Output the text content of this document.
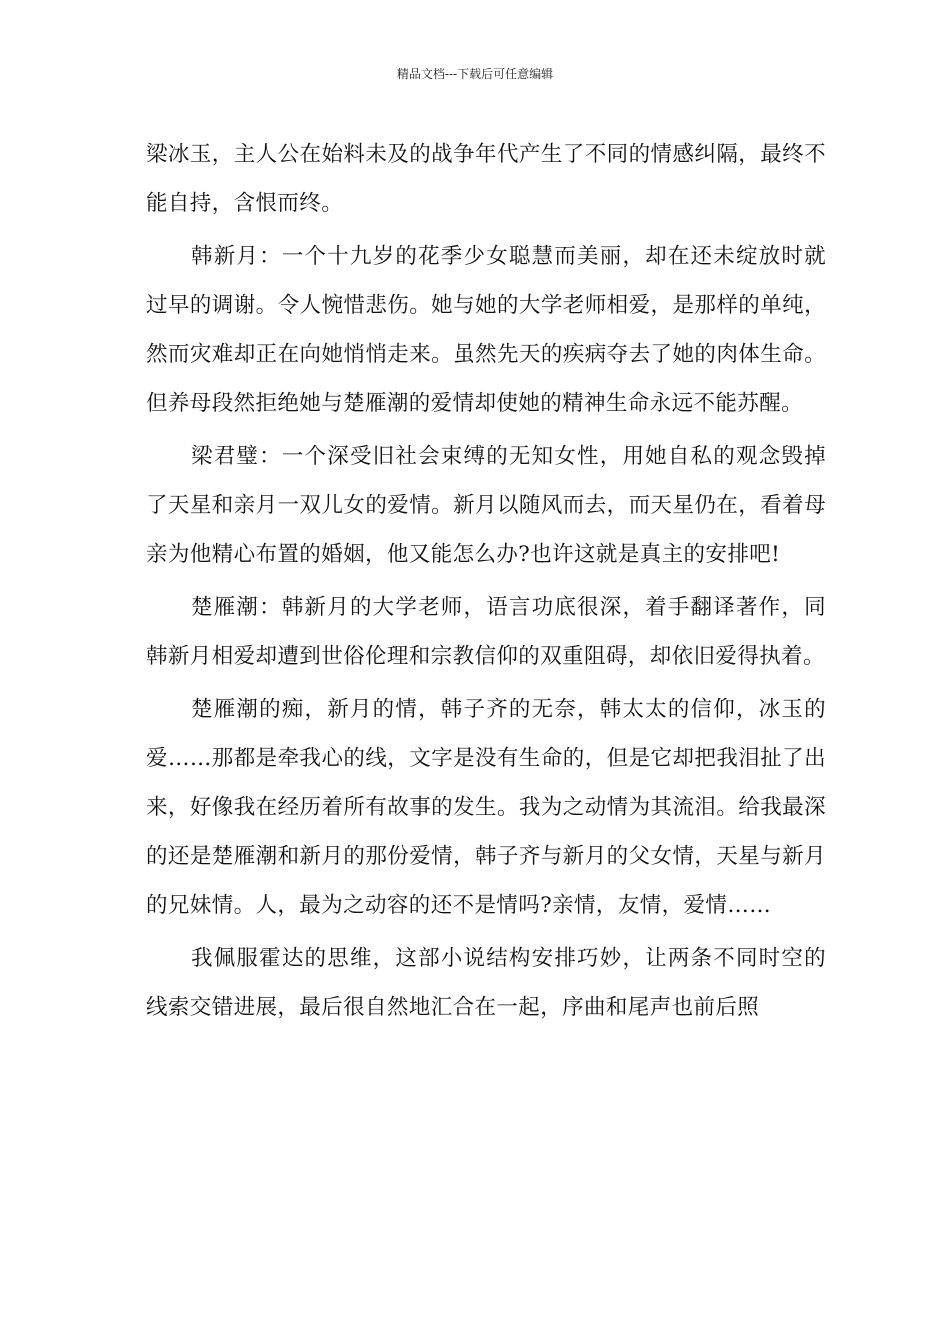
精品文档---下载后可任意编辑

梁冰玉，主人公在始料未及的战争年代产生了不同的情感纠隔，最终不能自持，含恨而终。

韩新月：一个十九岁的花季少女聪慧而美丽，却在还未绽放时就过早的调谢。令人惋惜悲伤。她与她的大学老师相爱，是那样的单纯，然而灾难却正在向她悄悄走来。虽然先天的疾病夺去了她的肉体生命。但养母段然拒绝她与楚雁潮的爱情却使她的精神生命永远不能苏醒。

梁君璧：一个深受旧社会束缚的无知女性，用她自私的观念毁掉了天星和亲月一双儿女的爱情。新月以随风而去，而天星仍在，看着母亲为他精心布置的婚姻，他又能怎么办?也许这就是真主的安排吧!

楚雁潮：韩新月的大学老师，语言功底很深，着手翻译著作，同韩新月相爱却遭到世俗伦理和宗教信仰的双重阻碍，却依旧爱得执着。

楚雁潮的痴，新月的情，韩子齐的无奈，韩太太的信仰，冰玉的爱……那都是牵我心的线，文字是没有生命的，但是它却把我泪扯了出来，好像我在经历着所有故事的发生。我为之动情为其流泪。给我最深的还是楚雁潮和新月的那份爱情，韩子齐与新月的父女情，天星与新月的兄妹情。人，最为之动容的还不是情吗?亲情，友情，爱情……

我佩服霍达的思维，这部小说结构安排巧妙，让两条不同时空的线索交错进展，最后很自然地汇合在一起，序曲和尾声也前后照
